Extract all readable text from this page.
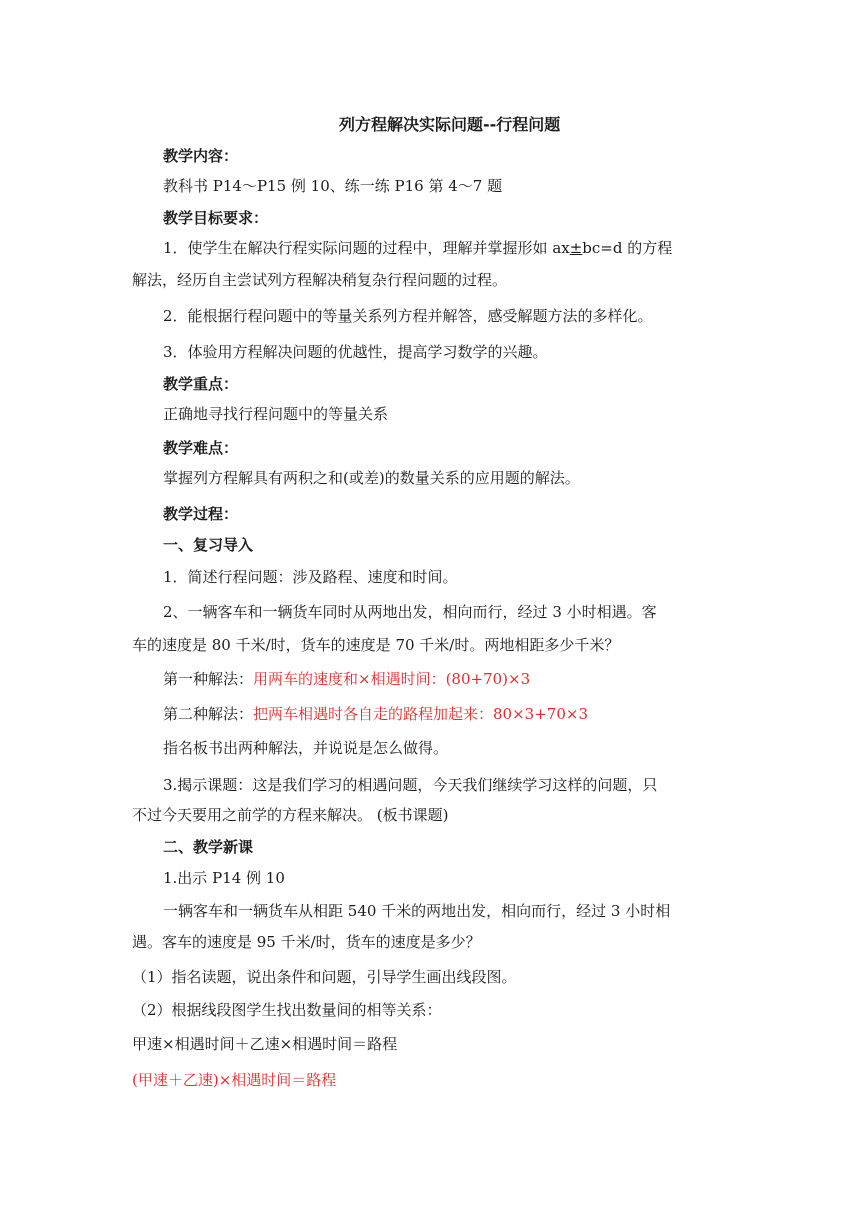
列方程解决实际问题--行程问题
教学内容：
教科书 P14～P15 例 10、练一练 P16 第 4～7 题
教学目标要求：
1．使学生在解决行程实际问题的过程中，理解并掌握形如 ax±bc=d 的方程
解法，经历自主尝试列方程解决稍复杂行程问题的过程。
2．能根据行程问题中的等量关系列方程并解答，感受解题方法的多样化。
3．体验用方程解决问题的优越性，提高学习数学的兴趣。
教学重点：
正确地寻找行程问题中的等量关系
教学难点：
掌握列方程解具有两积之和(或差)的数量关系的应用题的解法。
教学过程：
一、复习导入
1．简述行程问题：涉及路程、速度和时间。
2、一辆客车和一辆货车同时从两地出发，相向而行，经过 3 小时相遇。客
车的速度是 80 千米/时，货车的速度是 70 千米/时。两地相距多少千米？
第一种解法：用两车的速度和×相遇时间：(80+70)×3
第二种解法：把两车相遇时各自走的路程加起来：80×3+70×3
指名板书出两种解法，并说说是怎么做得。
3.揭示课题：这是我们学习的相遇问题，今天我们继续学习这样的问题，只
不过今天要用之前学的方程来解决。 (板书课题)
二、教学新课
1.出示 P14 例 10
一辆客车和一辆货车从相距 540 千米的两地出发，相向而行，经过 3 小时相
遇。客车的速度是 95 千米/时，货车的速度是多少？
（1）指名读题，说出条件和问题，引导学生画出线段图。
（2）根据线段图学生找出数量间的相等关系：
甲速×相遇时间＋乙速×相遇时间＝路程
(甲速＋乙速)×相遇时间＝路程
